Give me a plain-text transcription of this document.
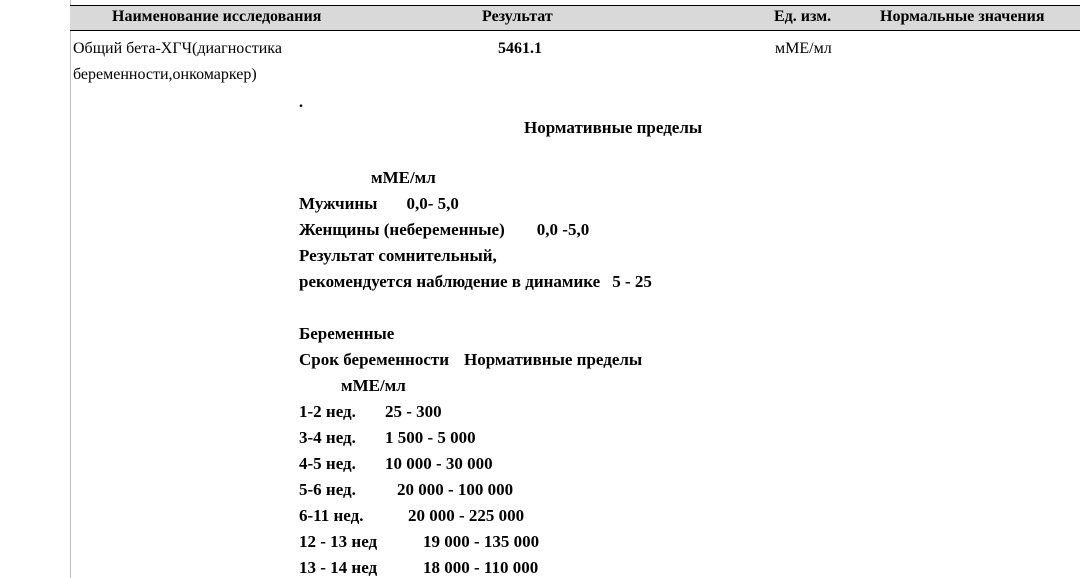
Наименование исследования	Результат	Ед. изм.	Нормальные значения
Общий бета-ХГЧ(диагностика
беременности,онкомаркер)
5461.1	мМЕ/мл
.
Нормативные пределы
мМЕ/мл
Мужчины 0,0- 5,0
Женщины (небеременные) 0,0 -5,0
Результат сомнительный,
рекомендуется наблюдение в динамике 5 - 25
Беременные
Срок беременности Нормативные пределы
мМЕ/мл
1-2 нед. 25 - 300
3-4 нед. 1 500 - 5 000
4-5 нед. 10 000 - 30 000
5-6 нед. 20 000 - 100 000
6-11 нед.	20 000 - 225 000
12 - 13 нед	19 000 - 135 000
13 - 14 нед	18 000 - 110 000
